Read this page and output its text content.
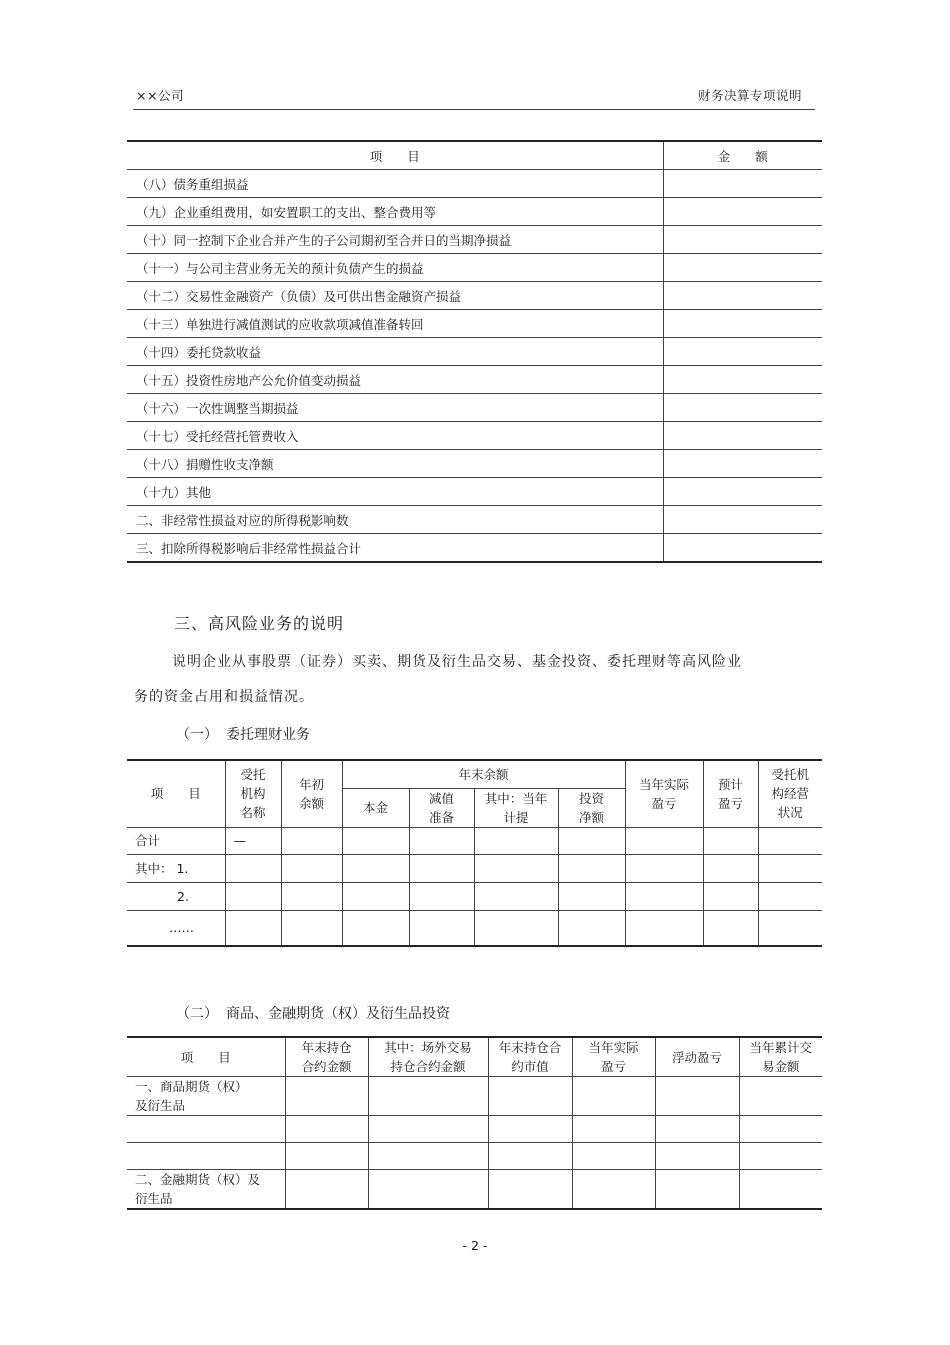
××公司	财务决算专项说明
项　　目	金　　额
（八）债务重组损益	
（九）企业重组费用，如安置职工的支出、整合费用等	
（十）同一控制下企业合并产生的子公司期初至合并日的当期净损益	
（十一）与公司主营业务无关的预计负债产生的损益	
（十二）交易性金融资产（负债）及可供出售金融资产损益	
（十三）单独进行减值测试的应收款项减值准备转回	
（十四）委托贷款收益	
（十五）投资性房地产公允价值变动损益	
（十六）一次性调整当期损益	
（十七）受托经营托管费收入	
（十八）捐赠性收支净额	
（十九）其他	
二、非经常性损益对应的所得税影响数	
三、扣除所得税影响后非经常性损益合计	
三、高风险业务的说明
说明企业从事股票（证券）买卖、期货及衍生品交易、基金投资、委托理财等高风险业
务的资金占用和损益情况。
（一） 委托理财业务
项　　目	受托机构名称	年初余额	年末余额				当年实际盈亏	预计盈亏	受托机构经营状况
			本金	减值准备	其中：当年计提	投资净额			
合计	—								
其中： 1.									
2.									
……									
（二） 商品、金融期货（权）及衍生品投资
项　　目	年末持仓合约金额	其中：场外交易持仓合约金额	年末持仓合约市值	当年实际盈亏	浮动盈亏	当年累计交易金额
一、商品期货（权）及衍生品						

二、金融期货（权）及衍生品						
- 2 -
